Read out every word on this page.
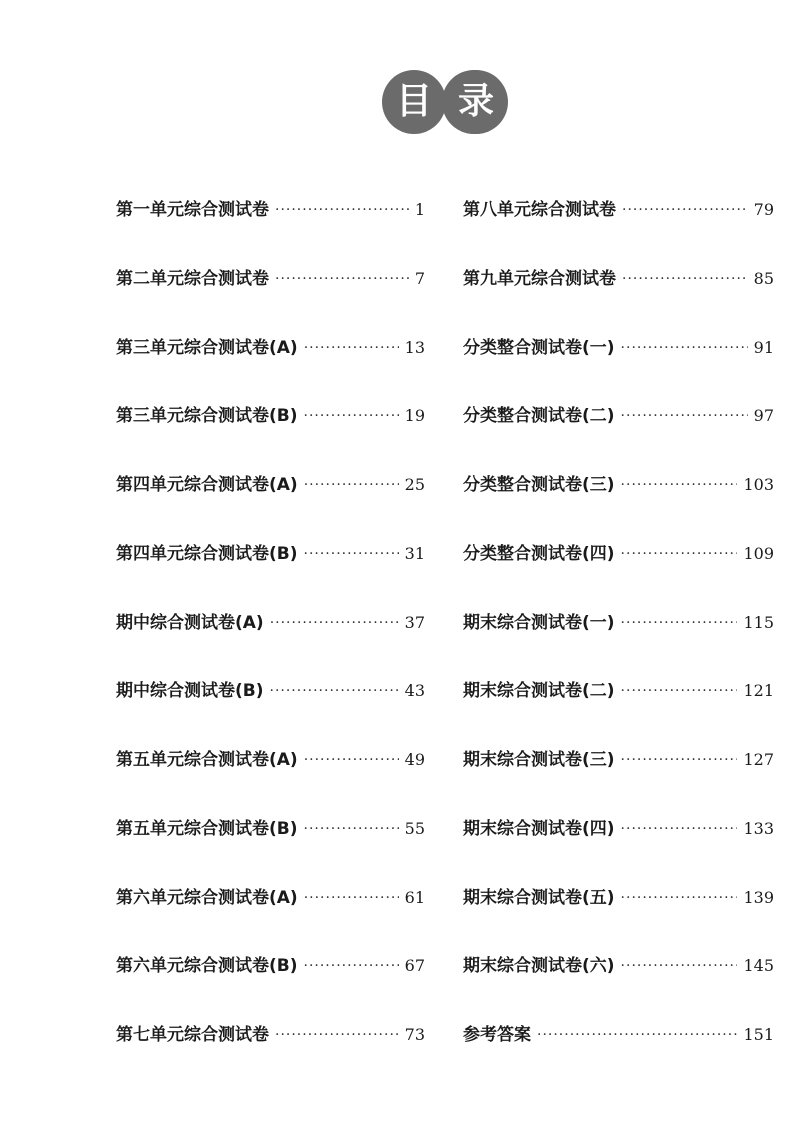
目 录
第一单元综合测试卷 ·····	1
第二单元综合测试卷 ·····	7
第三单元综合测试卷(A) ·····	13
第三单元综合测试卷(B) ·····	19
第四单元综合测试卷(A) ·····	25
第四单元综合测试卷(B) ·····	31
期中综合测试卷(A) ·····	37
期中综合测试卷(B) ·····	43
第五单元综合测试卷(A) ·····	49
第五单元综合测试卷(B) ·····	55
第六单元综合测试卷(A) ·····	61
第六单元综合测试卷(B) ·····	67
第七单元综合测试卷 ·····	73
第八单元综合测试卷 ·····	79
第九单元综合测试卷 ·····	85
分类整合测试卷(一) ·····	91
分类整合测试卷(二) ·····	97
分类整合测试卷(三) ·····	103
分类整合测试卷(四) ·····	109
期末综合测试卷(一) ·····	115
期末综合测试卷(二) ·····	121
期末综合测试卷(三) ·····	127
期末综合测试卷(四) ·····	133
期末综合测试卷(五) ·····	139
期末综合测试卷(六) ·····	145
参考答案 ·····	151
